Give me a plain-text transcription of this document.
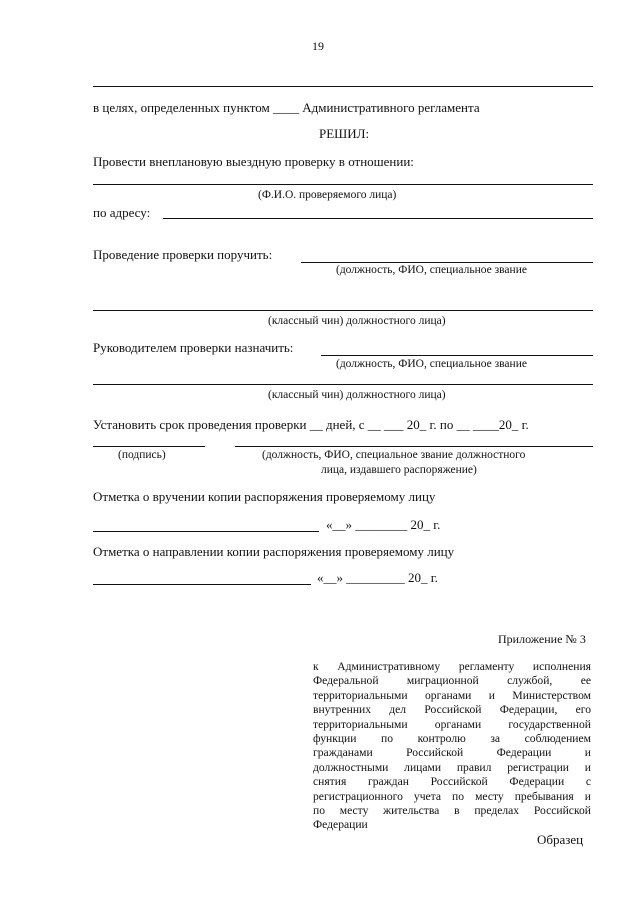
19
в целях, определенных пунктом ____ Административного регламента
РЕШИЛ:
Провести внеплановую выездную проверку в отношении:
(Ф.И.О. проверяемого лица)
по адресу:
Проведение проверки поручить:
(должность, ФИО, специальное звание
(классный чин) должностного лица)
Руководителем проверки назначить:
(должность, ФИО, специальное звание
(классный чин) должностного лица)
Установить срок проведения проверки __ дней, с __ ___ 20_ г. по __ ____20_ г.
(подпись)	(должность, ФИО, специальное звание должностного
лица, издавшего распоряжение)
Отметка о вручении копии распоряжения проверяемому лицу
«__» ________ 20_ г.
Отметка о направлении копии распоряжения проверяемому лицу
«__» _________ 20_ г.
Приложение № 3
к Административному регламенту исполнения
Федеральной миграционной службой, ее
территориальными органами и Министерством
внутренних дел Российской Федерации, его
территориальными органами государственной
функции по контролю за соблюдением
гражданами Российской Федерации и
должностными лицами правил регистрации и
снятия граждан Российской Федерации с
регистрационного учета по месту пребывания и
по месту жительства в пределах Российской
Федерации
Образец
